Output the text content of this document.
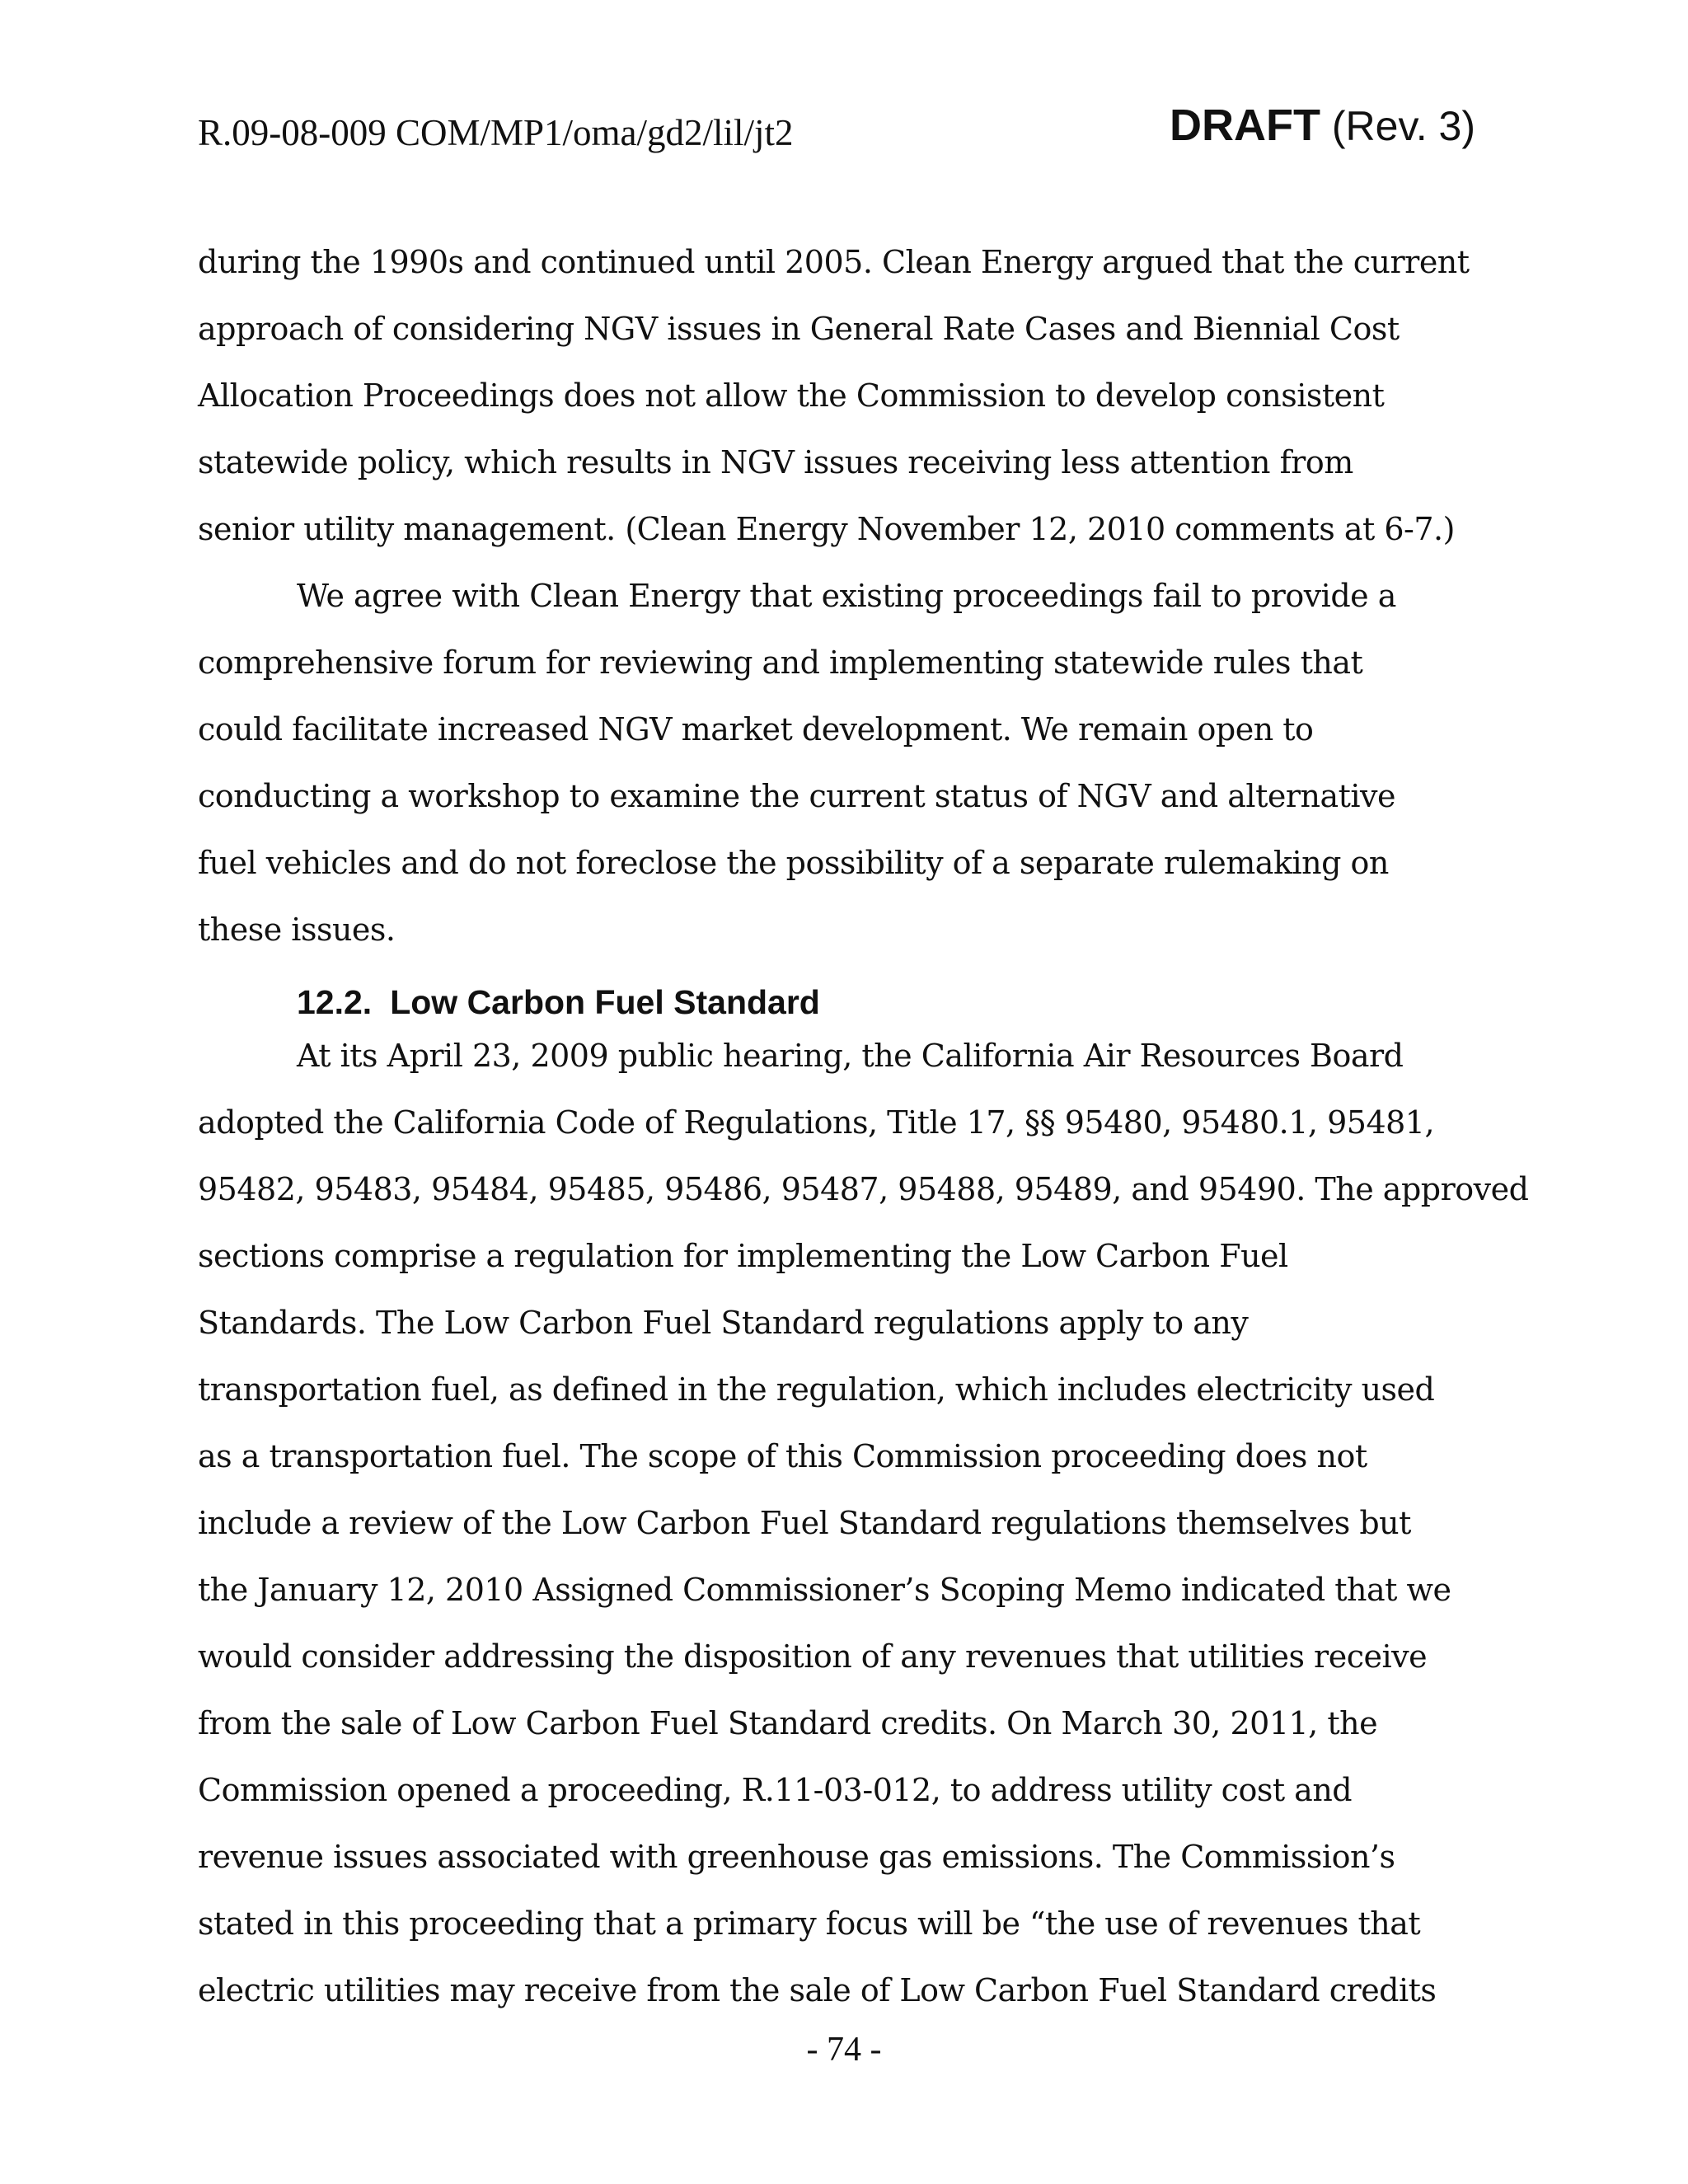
R.09-08-009 COM/MP1/oma/gd2/lil/jt2	DRAFT (Rev. 3)
during the 1990s and continued until 2005. Clean Energy argued that the current
approach of considering NGV issues in General Rate Cases and Biennial Cost
Allocation Proceedings does not allow the Commission to develop consistent
statewide policy, which results in NGV issues receiving less attention from
senior utility management. (Clean Energy November 12, 2010 comments at 6-7.)
We agree with Clean Energy that existing proceedings fail to provide a
comprehensive forum for reviewing and implementing statewide rules that
could facilitate increased NGV market development. We remain open to
conducting a workshop to examine the current status of NGV and alternative
fuel vehicles and do not foreclose the possibility of a separate rulemaking on
these issues.
12.2. Low Carbon Fuel Standard
At its April 23, 2009 public hearing, the California Air Resources Board
adopted the California Code of Regulations, Title 17, §§ 95480, 95480.1, 95481,
95482, 95483, 95484, 95485, 95486, 95487, 95488, 95489, and 95490. The approved
sections comprise a regulation for implementing the Low Carbon Fuel
Standards. The Low Carbon Fuel Standard regulations apply to any
transportation fuel, as defined in the regulation, which includes electricity used
as a transportation fuel. The scope of this Commission proceeding does not
include a review of the Low Carbon Fuel Standard regulations themselves but
the January 12, 2010 Assigned Commissioner’s Scoping Memo indicated that we
would consider addressing the disposition of any revenues that utilities receive
from the sale of Low Carbon Fuel Standard credits. On March 30, 2011, the
Commission opened a proceeding, R.11-03-012, to address utility cost and
revenue issues associated with greenhouse gas emissions. The Commission’s
stated in this proceeding that a primary focus will be “the use of revenues that
electric utilities may receive from the sale of Low Carbon Fuel Standard credits
- 74 -
